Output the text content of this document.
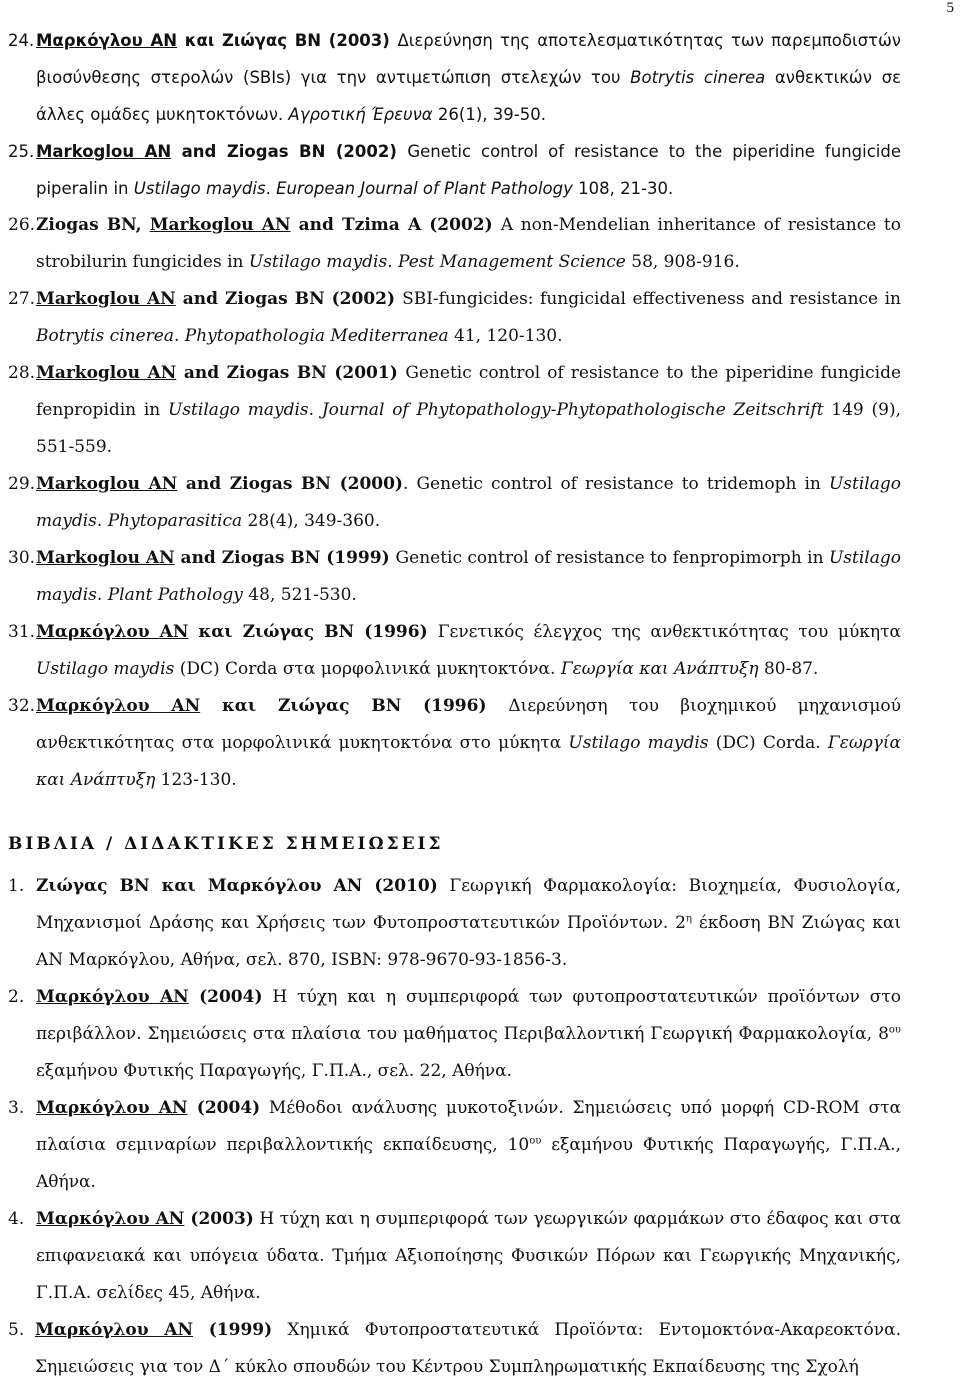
5
24. Μαρκόγλου ΑΝ και Ζιώγας ΒΝ (2003) Διερεύνηση της αποτελεσματικότητας των παρεμποδιστών βιοσύνθεσης στερολών (SBIs) για την αντιμετώπιση στελεχών του Botrytis cinerea ανθεκτικών σε άλλες ομάδες μυκητοκτόνων. Αγροτική Έρευνα 26(1), 39-50.
25. Markoglou AN and Ziogas BN (2002) Genetic control of resistance to the piperidine fungicide piperalin in Ustilago maydis. European Journal of Plant Pathology 108, 21-30.
26. Ziogas BN, Markoglou AN and Tzima A (2002) A non-Mendelian inheritance of resistance to strobilurin fungicides in Ustilago maydis. Pest Management Science 58, 908-916.
27. Markoglou AN and Ziogas BN (2002) SBI-fungicides: fungicidal effectiveness and resistance in Botrytis cinerea. Phytopathologia Mediterranea 41, 120-130.
28. Markoglou AN and Ziogas BN (2001) Genetic control of resistance to the piperidine fungicide fenpropidin in Ustilago maydis. Journal of Phytopathology-Phytopathologische Zeitschrift 149 (9), 551-559.
29. Markoglou AN and Ziogas BN (2000). Genetic control of resistance to tridemoph in Ustilago maydis. Phytoparasitica 28(4), 349-360.
30. Markoglou AN and Ziogas BN (1999) Genetic control of resistance to fenpropimorph in Ustilago maydis. Plant Pathology 48, 521-530.
31. Μαρκόγλου ΑΝ και Ζιώγας ΒΝ (1996) Γενετικός έλεγχος της ανθεκτικότητας του μύκητα Ustilago maydis (DC) Corda στα μορφολινικά μυκητοκτόνα. Γεωργία και Ανάπτυξη 80-87.
32. Μαρκόγλου ΑΝ και Ζιώγας ΒΝ (1996) Διερεύνηση του βιοχημικού μηχανισμού ανθεκτικότητας στα μορφολινικά μυκητοκτόνα στο μύκητα Ustilago maydis (DC) Corda. Γεωργία και Ανάπτυξη 123-130.
ΒΙΒΛΙΑ / ΔΙΔΑΚΤΙΚΕΣ ΣΗΜΕΙΩΣΕΙΣ
1. Ζιώγας ΒΝ και Μαρκόγλου ΑΝ (2010) Γεωργική Φαρμακολογία: Βιοχημεία, Φυσιολογία, Μηχανισμοί Δράσης και Χρήσεις των Φυτοπροστατευτικών Προϊόντων. $2^\eta$ έκδοση ΒΝ Ζιώγας και ΑΝ Μαρκόγλου, Αθήνα, σελ. 870, ISBN: 978-9670-93-1856-3.
2. Μαρκόγλου ΑΝ (2004) Η τύχη και η συμπεριφορά των φυτοπροστατευτικών προϊόντων στο περιβάλλον. Σημειώσεις στα πλαίσια του μαθήματος Περιβαλλοντική Γεωργική Φαρμακολογία, $8^{o\upsilon}$ εξαμήνου Φυτικής Παραγωγής, Γ.Π.Α., σελ. 22, Αθήνα.
3. Μαρκόγλου ΑΝ (2004) Μέθοδοι ανάλυσης μυκοτοξινών. Σημειώσεις υπό μορφή CD-ROM στα πλαίσια σεμιναρίων περιβαλλοντικής εκπαίδευσης, $10^{o\upsilon}$ εξαμήνου Φυτικής Παραγωγής, Γ.Π.Α., Αθήνα.
4. Μαρκόγλου ΑΝ (2003) Η τύχη και η συμπεριφορά των γεωργικών φαρμάκων στο έδαφος και στα επιφανειακά και υπόγεια ύδατα. Τμήμα Αξιοποίησης Φυσικών Πόρων και Γεωργικής Μηχανικής, Γ.Π.Α. σελίδες 45, Αθήνα.
5. Μαρκόγλου ΑΝ (1999) Χημικά Φυτοπροστατευτικά Προϊόντα: Εντομοκτόνα-Ακαρεοκτόνα. Σημειώσεις για τον Δ΄ κύκλο σπουδών του Κέντρου Συμπληρωματικής Εκπαίδευσης της Σχολή
